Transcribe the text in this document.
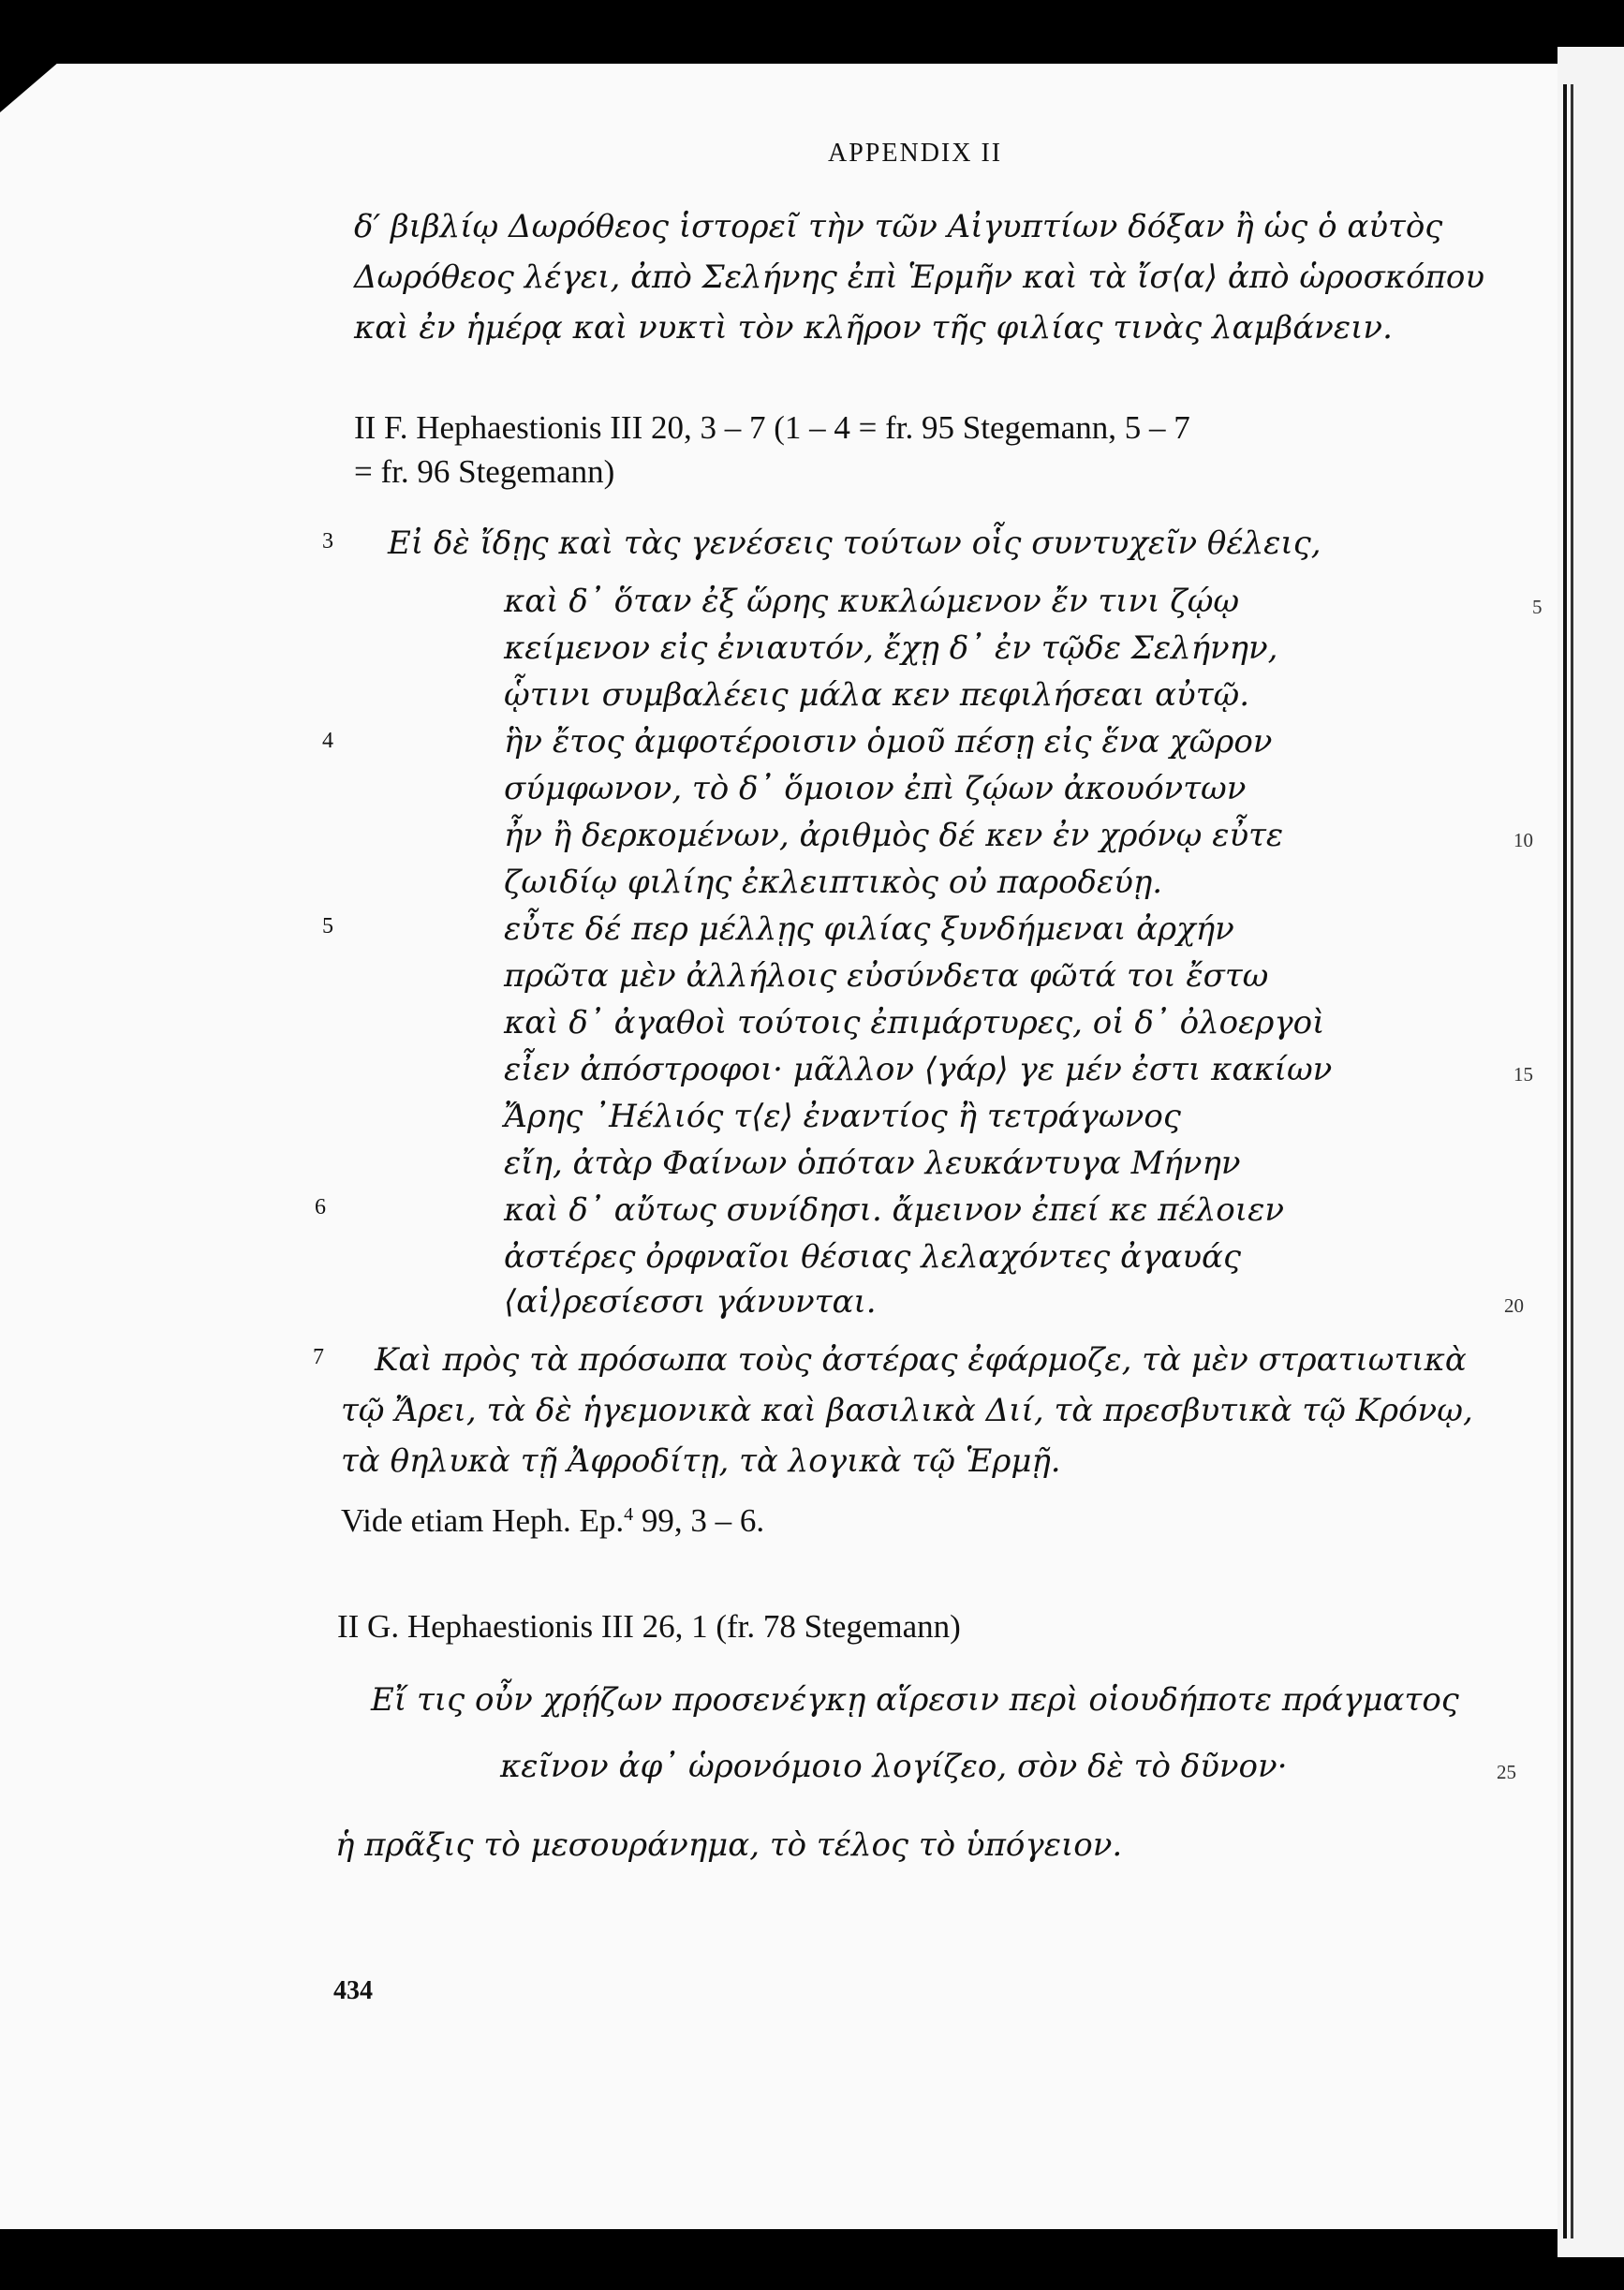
APPENDIX II
δ′ βιβλίῳ Δωρόθεος ἱστορεῖ τὴν τῶν Αἰγυπτίων δόξαν ἢ ὡς ὁ αὐτὸς
Δωρόθεος λέγει, ἀπὸ Σελήνης ἐπὶ Ἑρμῆν καὶ τὰ ἴσ⟨α⟩ ἀπὸ ὡροσκόπου
καὶ ἐν ἡμέρᾳ καὶ νυκτὶ τὸν κλῆρον τῆς φιλίας τινὰς λαμβάνειν.
II F. Hephaestionis III 20, 3 – 7 (1 – 4 = fr. 95 Stegemann, 5 – 7
= fr. 96 Stegemann)
3 Εἰ δὲ ἴδῃς καὶ τὰς γενέσεις τούτων οἷς συντυχεῖν θέλεις,
καὶ δ᾿ ὅταν ἐξ ὥρης κυκλώμενον ἔν τινι ζῴῳ	5
κείμενον εἰς ἐνιαυτόν, ἔχῃ δ᾿ ἐν τῷδε Σελήνην,
ᾧτινι συμβαλέεις μάλα κεν πεφιλήσεαι αὐτῷ.
4	ἣν ἔτος ἀμφοτέροισιν ὁμοῦ πέσῃ εἰς ἕνα χῶρον
σύμφωνον, τὸ δ᾿ ὅμοιον ἐπὶ ζῴων ἀκουόντων
ἦν ἢ δερκομένων, ἀριθμὸς δέ κεν ἐν χρόνῳ εὖτε	10
ζωιδίῳ φιλίης ἐκλειπτικὸς οὐ παροδεύῃ.
5	εὖτε δέ περ μέλλῃς φιλίας ξυνδήμεναι ἀρχήν
πρῶτα μὲν ἀλλήλοις εὐσύνδετα φῶτά τοι ἔστω
καὶ δ᾿ ἀγαθοὶ τούτοις ἐπιμάρτυρες, οἱ δ᾿ ὀλοεργοὶ
εἶεν ἀπόστροφοι· μᾶλλον ⟨γάρ⟩ γε μέν ἐστι κακίων	15
Ἄρης ᾿Ηέλιός τ⟨ε⟩ ἐναντίος ἢ τετράγωνος
εἴη, ἀτὰρ Φαίνων ὁπόταν λευκάντυγα Μήνην
6	καὶ δ᾿ αὔτως συνίδησι. ἄμεινον ἐπεί κε πέλοιεν
ἀστέρες ὀρφναῖοι θέσιας λελαχόντες ἀγαυάς
⟨αἱ⟩ρεσίεσσι γάνυνται.	20
7 Καὶ πρὸς τὰ πρόσωπα τοὺς ἀστέρας ἐφάρμοζε, τὰ μὲν στρατιωτικὰ
τῷ Ἄρει, τὰ δὲ ἡγεμονικὰ καὶ βασιλικὰ Διί, τὰ πρεσβυτικὰ τῷ Κρόνῳ,
τὰ θηλυκὰ τῇ Ἀφροδίτῃ, τὰ λογικὰ τῷ Ἑρμῇ.
Vide etiam Heph. Ep.$^4$ 99, 3 – 6.
II G. Hephaestionis III 26, 1 (fr. 78 Stegemann)
Εἴ τις οὖν χρῄζων προσενέγκῃ αἵρεσιν περὶ οἱουδήποτε πράγματος
κεῖνον ἀφ᾿ ὡρονόμοιο λογίζεο, σὸν δὲ τὸ δῦνον·	25
ἡ πρᾶξις τὸ μεσουράνημα, τὸ τέλος τὸ ὑπόγειον.
434
